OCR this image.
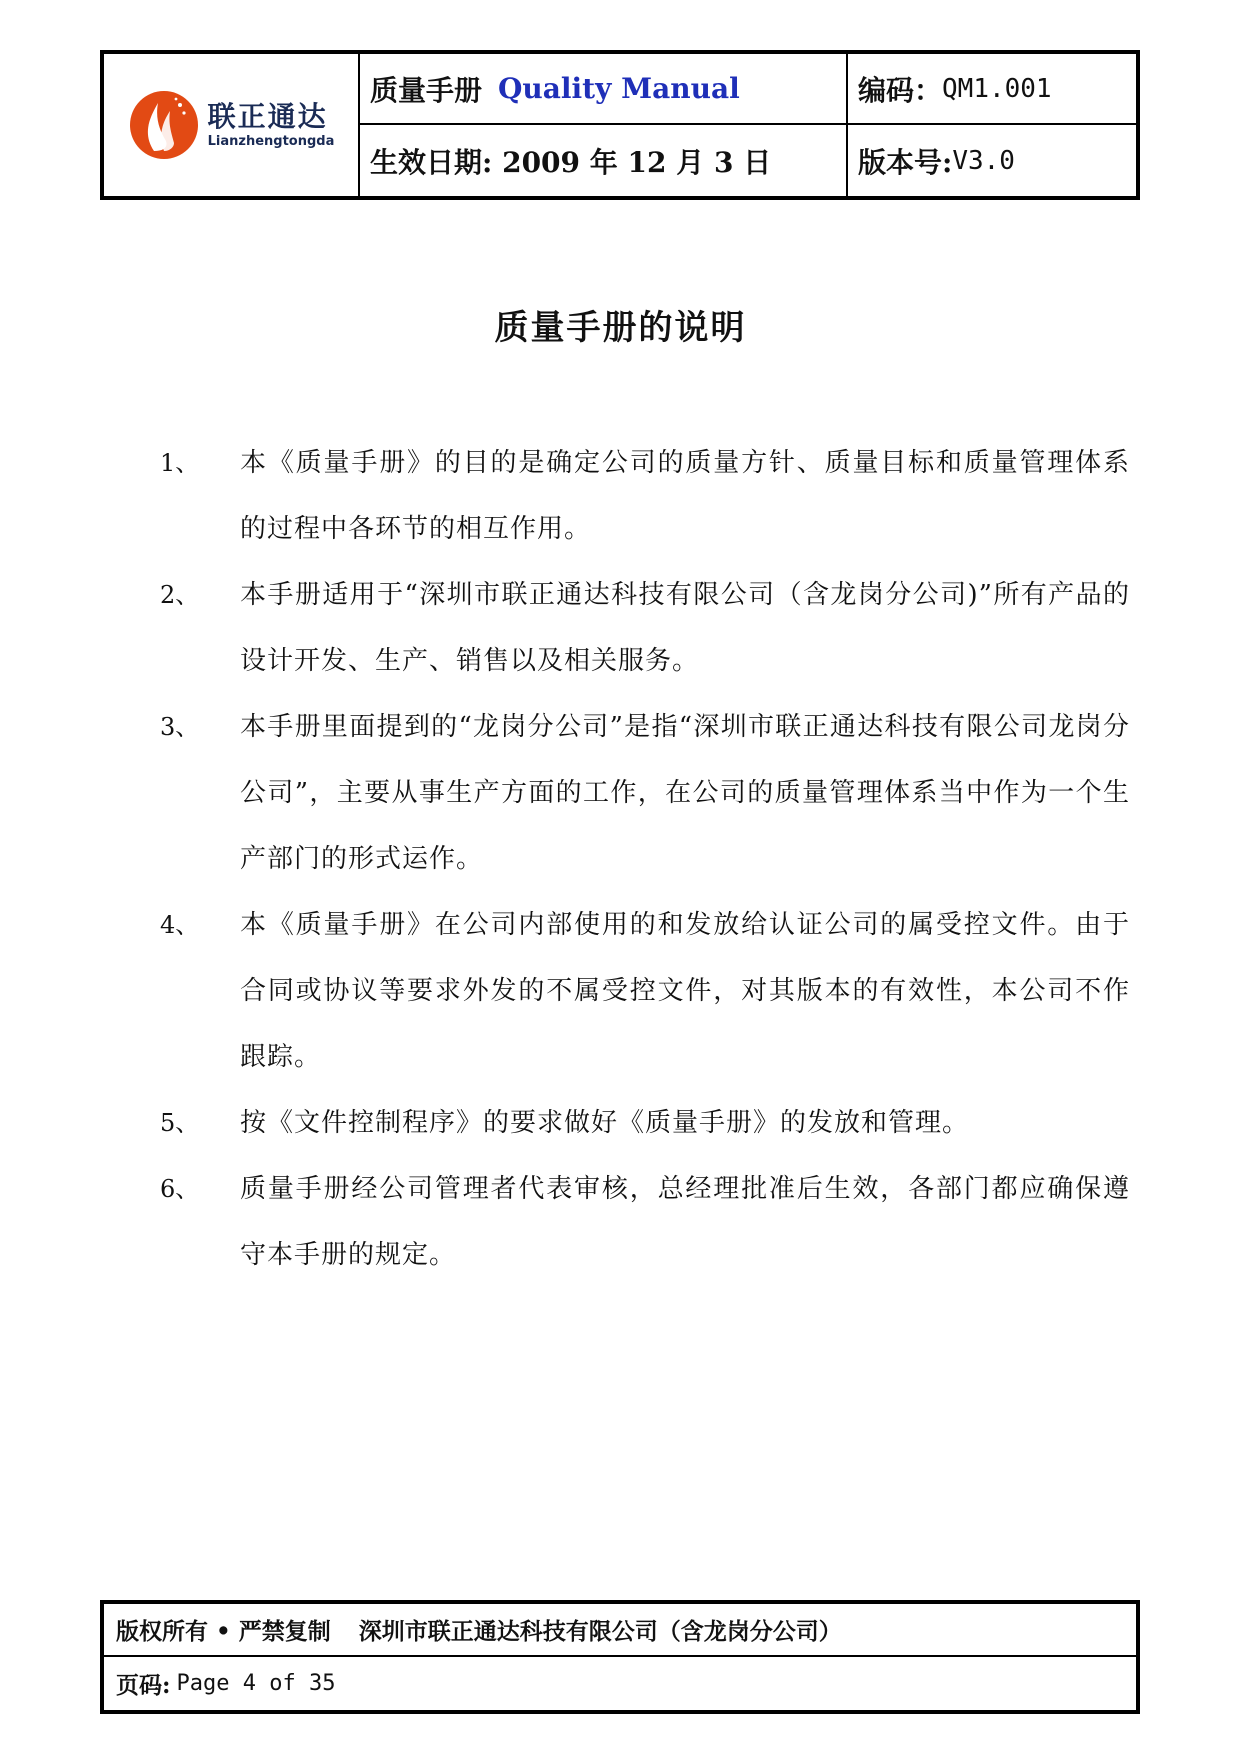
联正通达
Lianzhengtongda
质量手册 Quality Manual	编码： QM1.001
生效日期: 2009 年 12 月 3 日	版本号: V3.0
质量手册的说明
1、	本《质量手册》的目的是确定公司的质量方针、质量目标和质量管理体系的过程中各环节的相互作用。
2、	本手册适用于“深圳市联正通达科技有限公司（含龙岗分公司)”所有产品的设计开发、生产、销售以及相关服务。
3、	本手册里面提到的“龙岗分公司”是指“深圳市联正通达科技有限公司龙岗分公司”，主要从事生产方面的工作，在公司的质量管理体系当中作为一个生产部门的形式运作。
4、	本《质量手册》在公司内部使用的和发放给认证公司的属受控文件。由于合同或协议等要求外发的不属受控文件，对其版本的有效性，本公司不作跟踪。
5、	按《文件控制程序》的要求做好《质量手册》的发放和管理。
6、	质量手册经公司管理者代表审核，总经理批准后生效，各部门都应确保遵守本手册的规定。
版权所有 • 严禁复制 深圳市联正通达科技有限公司（含龙岗分公司）
页码: Page 4 of 35
